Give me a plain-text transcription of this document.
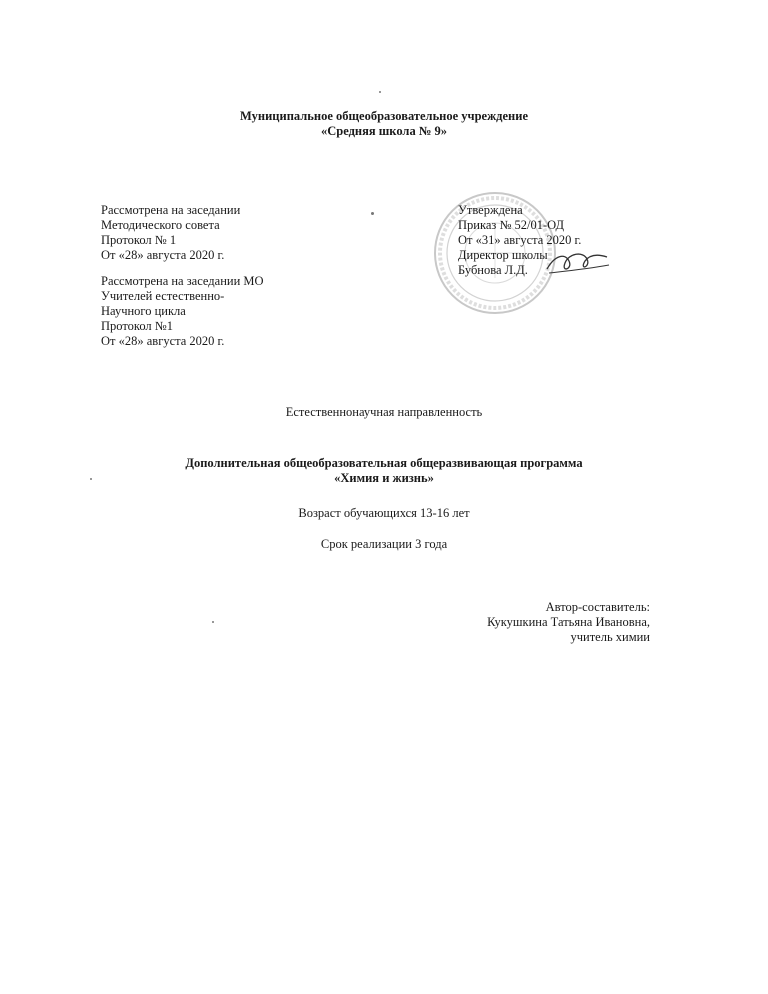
Муниципальное общеобразовательное учреждение
«Средняя школа № 9»
Рассмотрена на заседании
Методического совета
Протокол № 1
От «28» августа 2020 г.
Рассмотрена на заседании МО
Учителей естественно-
Научного цикла
Протокол №1
От «28» августа 2020 г.
Утверждена
Приказ № 52/01-ОД
От «31» августа 2020 г.
Директор школы
Бубнова Л.Д.
Естественнонаучная направленность
Дополнительная общеобразовательная общеразвивающая программа
«Химия и жизнь»
Возраст обучающихся 13-16 лет
Срок реализации 3 года
Автор-составитель:
Кукушкина Татьяна Ивановна,
учитель химии
